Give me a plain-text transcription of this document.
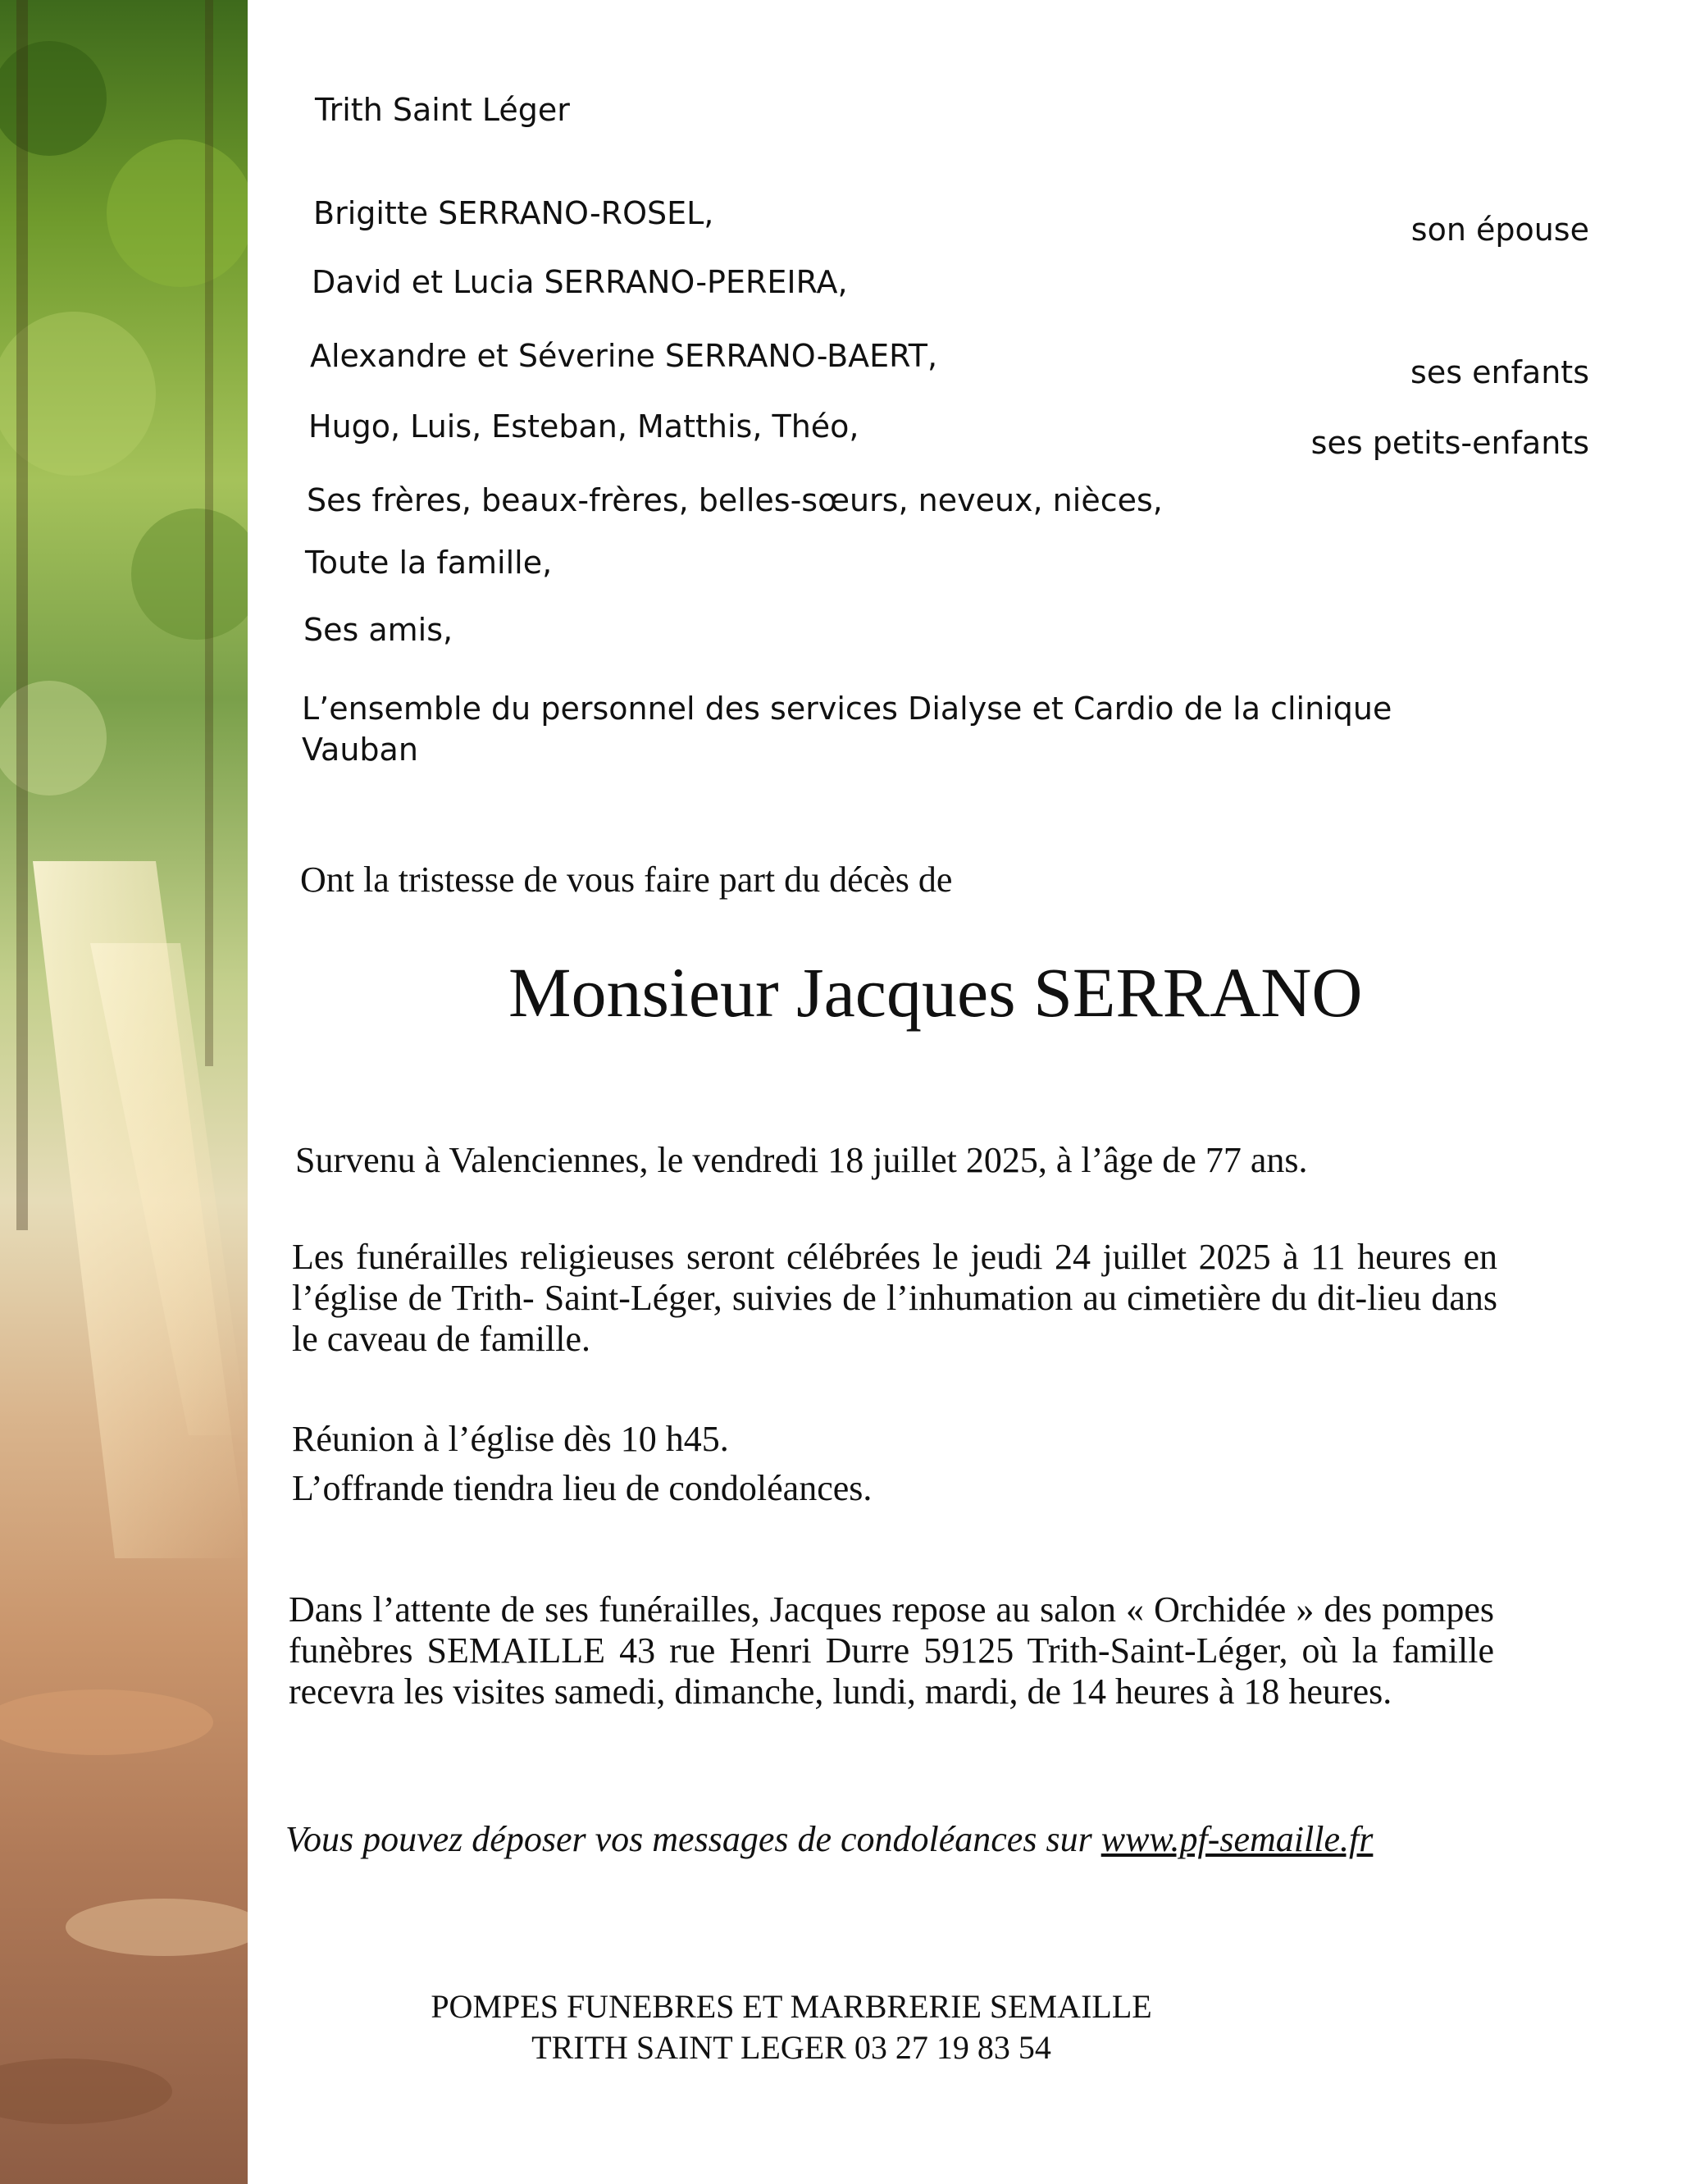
Trith Saint Léger
Brigitte SERRANO-ROSEL,	son épouse
David et Lucia SERRANO-PEREIRA,
Alexandre et Séverine SERRANO-BAERT,	ses enfants
Hugo, Luis, Esteban, Matthis, Théo,	ses petits-enfants
Ses frères, beaux-frères, belles-sœurs, neveux, nièces,
Toute la famille,
Ses amis,
L’ensemble du personnel des services Dialyse et Cardio de la clinique
Vauban
Ont la tristesse de vous faire part du décès de
Monsieur Jacques SERRANO
Survenu à Valenciennes, le vendredi 18 juillet 2025, à l’âge de 77 ans.
Les funérailles religieuses seront célébrées le jeudi 24 juillet 2025 à 11 heures en l’église de Trith- Saint-Léger, suivies de l’inhumation au cimetière du dit-lieu dans le caveau de famille.
Réunion à l’église dès 10 h45.
L’offrande tiendra lieu de condoléances.
Dans l’attente de ses funérailles, Jacques repose au salon « Orchidée » des pompes funèbres SEMAILLE 43 rue Henri Durre 59125 Trith-Saint-Léger, où la famille recevra les visites samedi, dimanche, lundi, mardi, de 14 heures à 18 heures.
Vous pouvez déposer vos messages de condoléances sur www.pf-semaille.fr
POMPES FUNEBRES ET MARBRERIE SEMAILLE
TRITH SAINT LEGER 03 27 19 83 54
